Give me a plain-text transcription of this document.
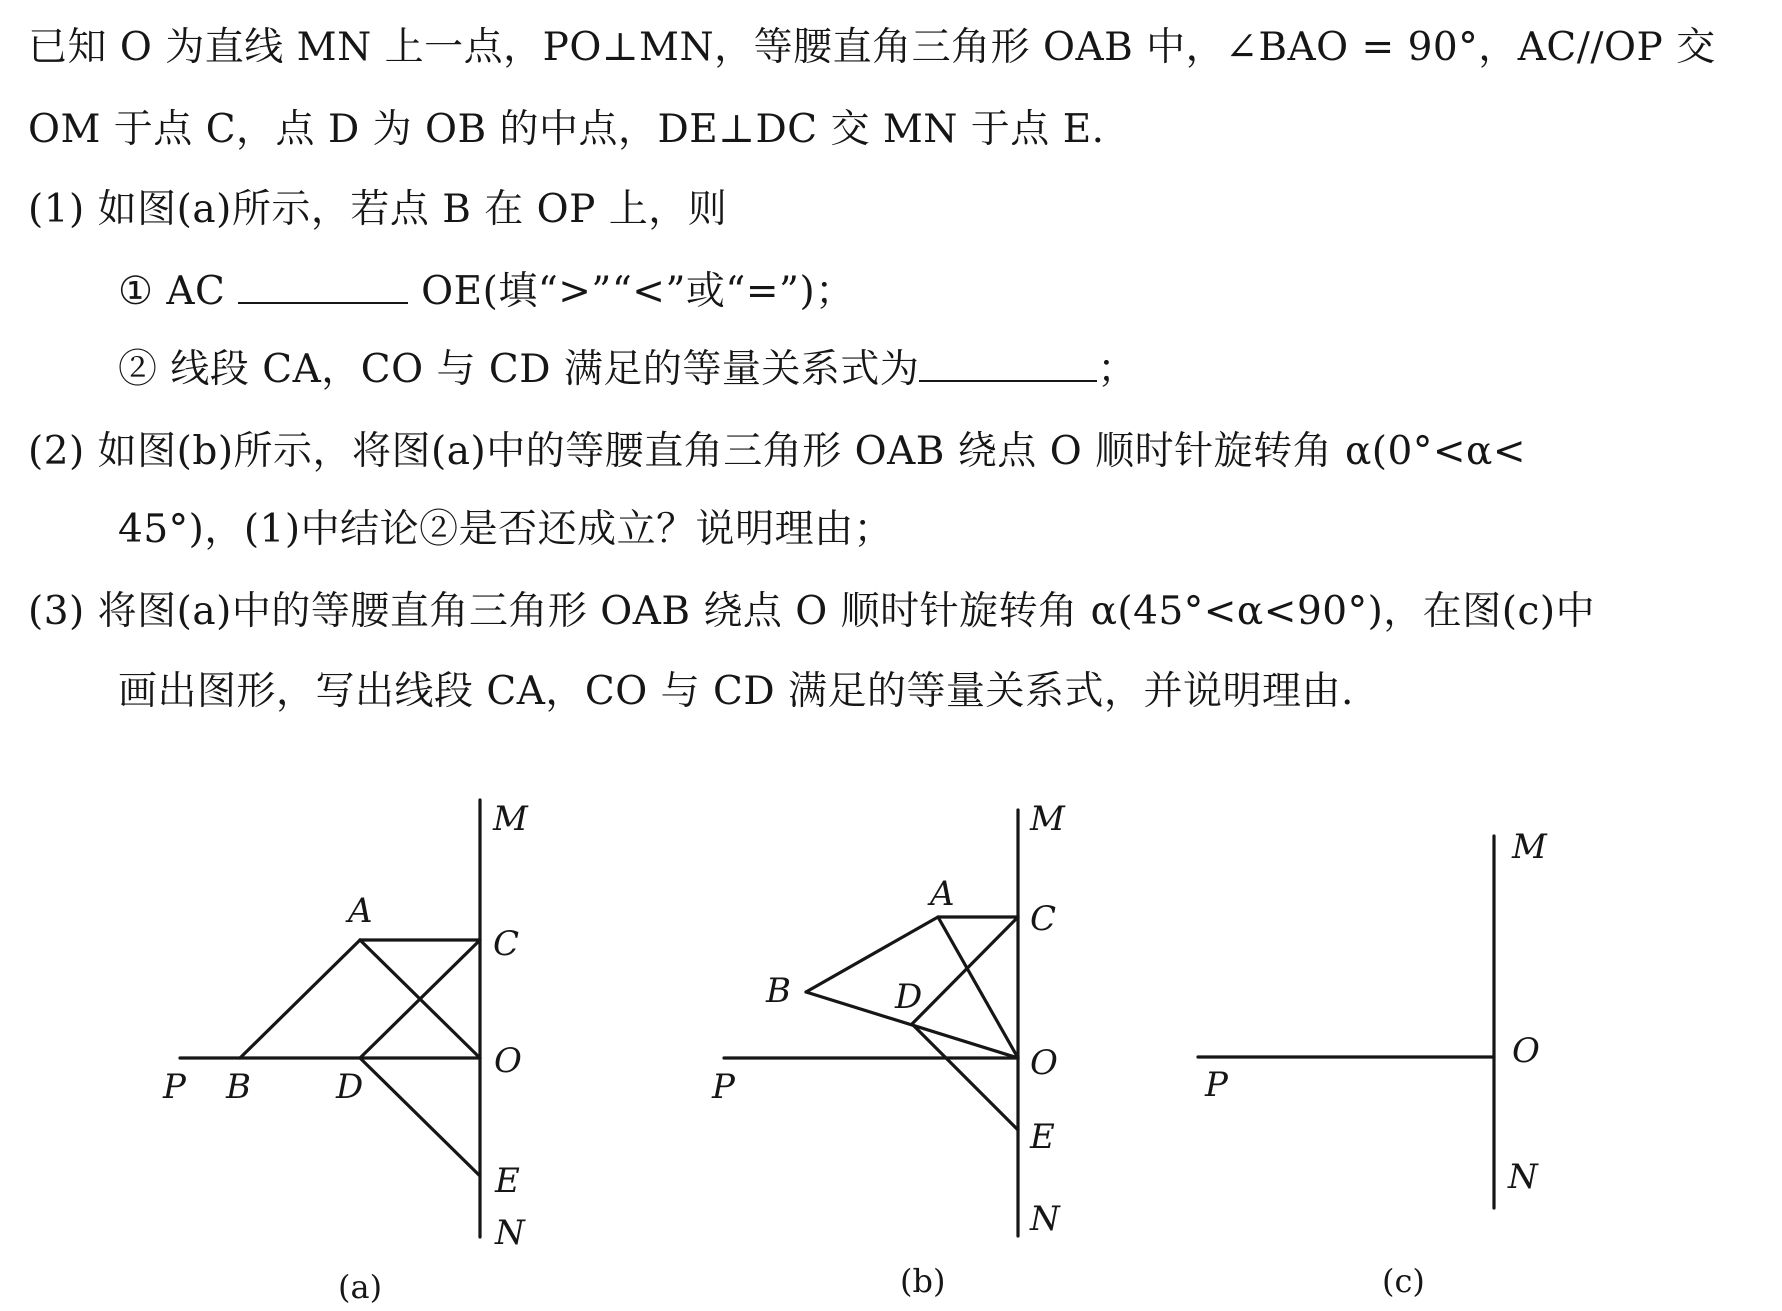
已知 O 为直线 MN 上一点，PO⊥MN，等腰直角三角形 OAB 中，∠BAO = 90°，AC//OP 交
OM 于点 C，点 D 为 OB 的中点，DE⊥DC 交 MN 于点 E.
(1) 如图(a)所示，若点 B 在 OP 上，则
① AC	OE(填“>”“<”或“=”)；
② 线段 CA，CO 与 CD 满足的等量关系式为	；
(2) 如图(b)所示，将图(a)中的等腰直角三角形 OAB 绕点 O 顺时针旋转角 α(0°<α<
45°)，(1)中结论②是否还成立？说明理由；
(3) 将图(a)中的等腰直角三角形 OAB 绕点 O 顺时针旋转角 α(45°<α<90°)，在图(c)中
画出图形，写出线段 CA，CO 与 CD 满足的等量关系式，并说明理由.
M
A
C
P B	D
O
E
N
(a)
M
A
C
B	D
P
O
E
N
(b)
M
O
P
N
(c)
